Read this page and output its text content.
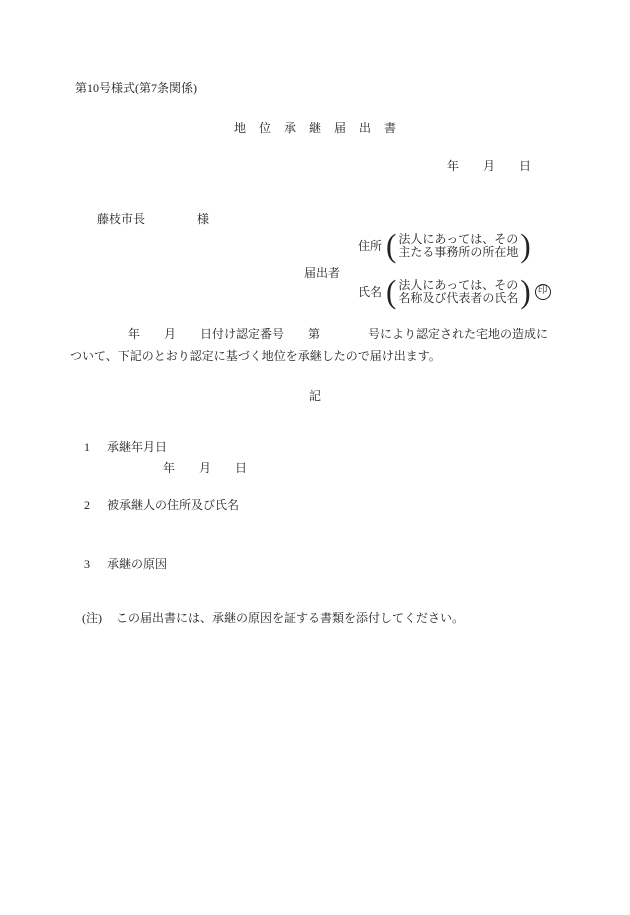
第10号様式(第7条関係)
地位承継届出書
年　　月　　日

藤枝市長	様

届出者
住所 ( 法人にあっては、その
主たる事務所の所在地 )
氏名 ( 法人にあっては、その
名称及び代表者の氏名 ) 印
年　　月　　日付け認定番号　　第　　　　号により認定された宅地の造成に
ついて、下記のとおり認定に基づく地位を承継したので届け出ます。
記

1 承継年月日

年　　月　　日

2 被承継人の住所及び氏名

3 承継の原因

(注) この届出書には、承継の原因を証する書類を添付してください。
